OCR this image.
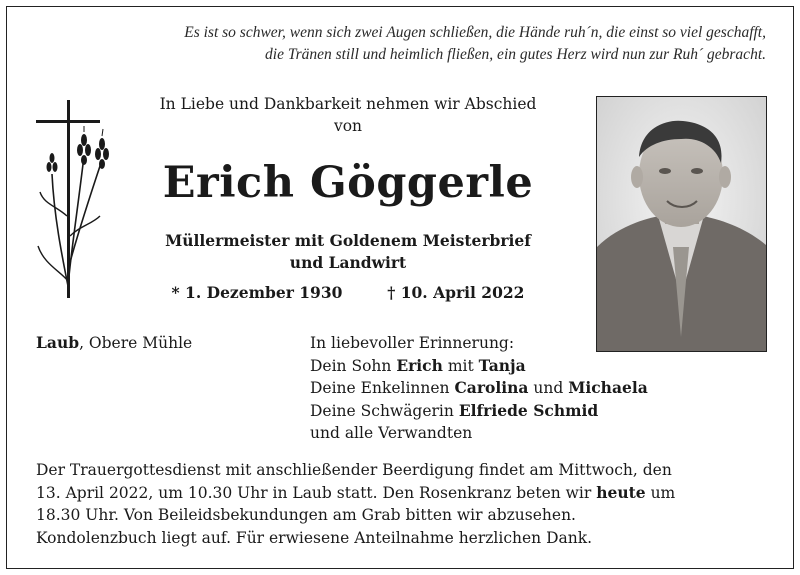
Es ist so schwer, wenn sich zwei Augen schließen, die Hände ruh´n, die einst so viel geschafft,
die Tränen still und heimlich fließen, ein gutes Herz wird nun zur Ruh´ gebracht.
In Liebe und Dankbarkeit nehmen wir Abschied
von
Erich Göggerle
Müllermeister mit Goldenem Meisterbrief
und Landwirt
* 1. Dezember 1930	† 10. April 2022
Laub, Obere Mühle	In liebevoller Erinnerung:
Dein Sohn Erich mit Tanja
Deine Enkelinnen Carolina und Michaela
Deine Schwägerin Elfriede Schmid
und alle Verwandten
Der Trauergottesdienst mit anschließender Beerdigung findet am Mittwoch, den
13. April 2022, um 10.30 Uhr in Laub statt. Den Rosenkranz beten wir heute um
18.30 Uhr. Von Beileidsbekundungen am Grab bitten wir abzusehen.
Kondolenzbuch liegt auf. Für erwiesene Anteilnahme herzlichen Dank.
